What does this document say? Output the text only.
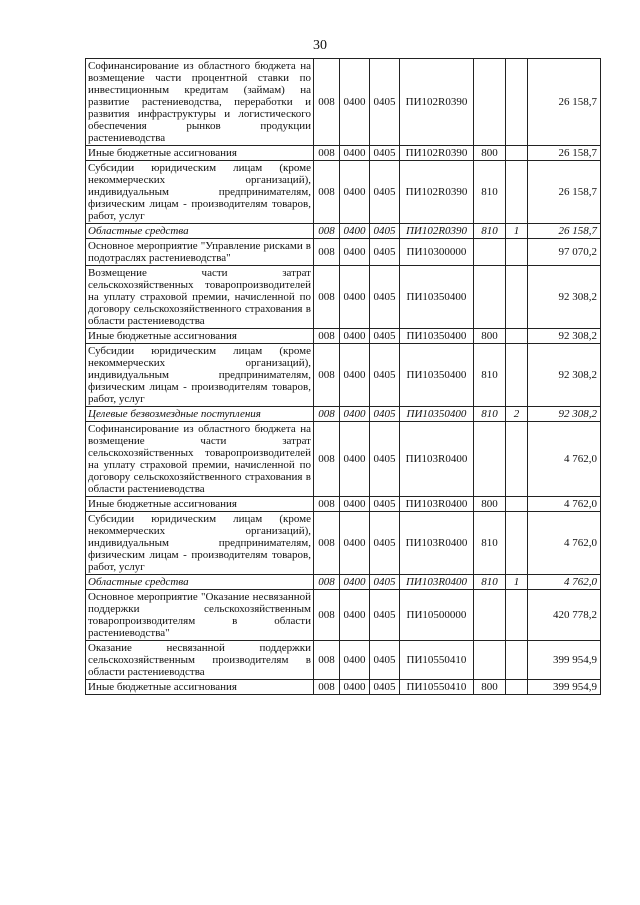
30
Софинансирование из областного бюджета на возмещение части процентной ставки по инвестиционным кредитам (займам) на развитие растениеводства, переработки и развития инфраструктуры и логистического обеспечения рынков продукции растениеводства	008	0400	0405	ПИ102R0390			26 158,7
Иные бюджетные ассигнования	008	0400	0405	ПИ102R0390	800		26 158,7
Субсидии юридическим лицам (кроме некоммерческих организаций), индивидуальным предпринимателям, физическим лицам - производителям товаров, работ, услуг	008	0400	0405	ПИ102R0390	810		26 158,7
Областные средства	008	0400	0405	ПИ102R0390	810	1	26 158,7
Основное мероприятие "Управление рисками в подотраслях растениеводства"	008	0400	0405	ПИ10300000			97 070,2
Возмещение части затрат сельскохозяйственных товаропроизводителей на уплату страховой премии, начисленной по договору сельскохозяйственного страхования в области растениеводства	008	0400	0405	ПИ10350400			92 308,2
Иные бюджетные ассигнования	008	0400	0405	ПИ10350400	800		92 308,2
Субсидии юридическим лицам (кроме некоммерческих организаций), индивидуальным предпринимателям, физическим лицам - производителям товаров, работ, услуг	008	0400	0405	ПИ10350400	810		92 308,2
Целевые безвозмездные поступления	008	0400	0405	ПИ10350400	810	2	92 308,2
Софинансирование из областного бюджета на возмещение части затрат сельскохозяйственных товаропроизводителей на уплату страховой премии, начисленной по договору сельскохозяйственного страхования в области растениеводства	008	0400	0405	ПИ103R0400			4 762,0
Иные бюджетные ассигнования	008	0400	0405	ПИ103R0400	800		4 762,0
Субсидии юридическим лицам (кроме некоммерческих организаций), индивидуальным предпринимателям, физическим лицам - производителям товаров, работ, услуг	008	0400	0405	ПИ103R0400	810		4 762,0
Областные средства	008	0400	0405	ПИ103R0400	810	1	4 762,0
Основное мероприятие "Оказание несвязанной поддержки сельскохозяйственным товаропроизводителям в области растениеводства"	008	0400	0405	ПИ10500000			420 778,2
Оказание несвязанной поддержки сельскохозяйственным производителям в области растениеводства	008	0400	0405	ПИ10550410			399 954,9
Иные бюджетные ассигнования	008	0400	0405	ПИ10550410	800		399 954,9
